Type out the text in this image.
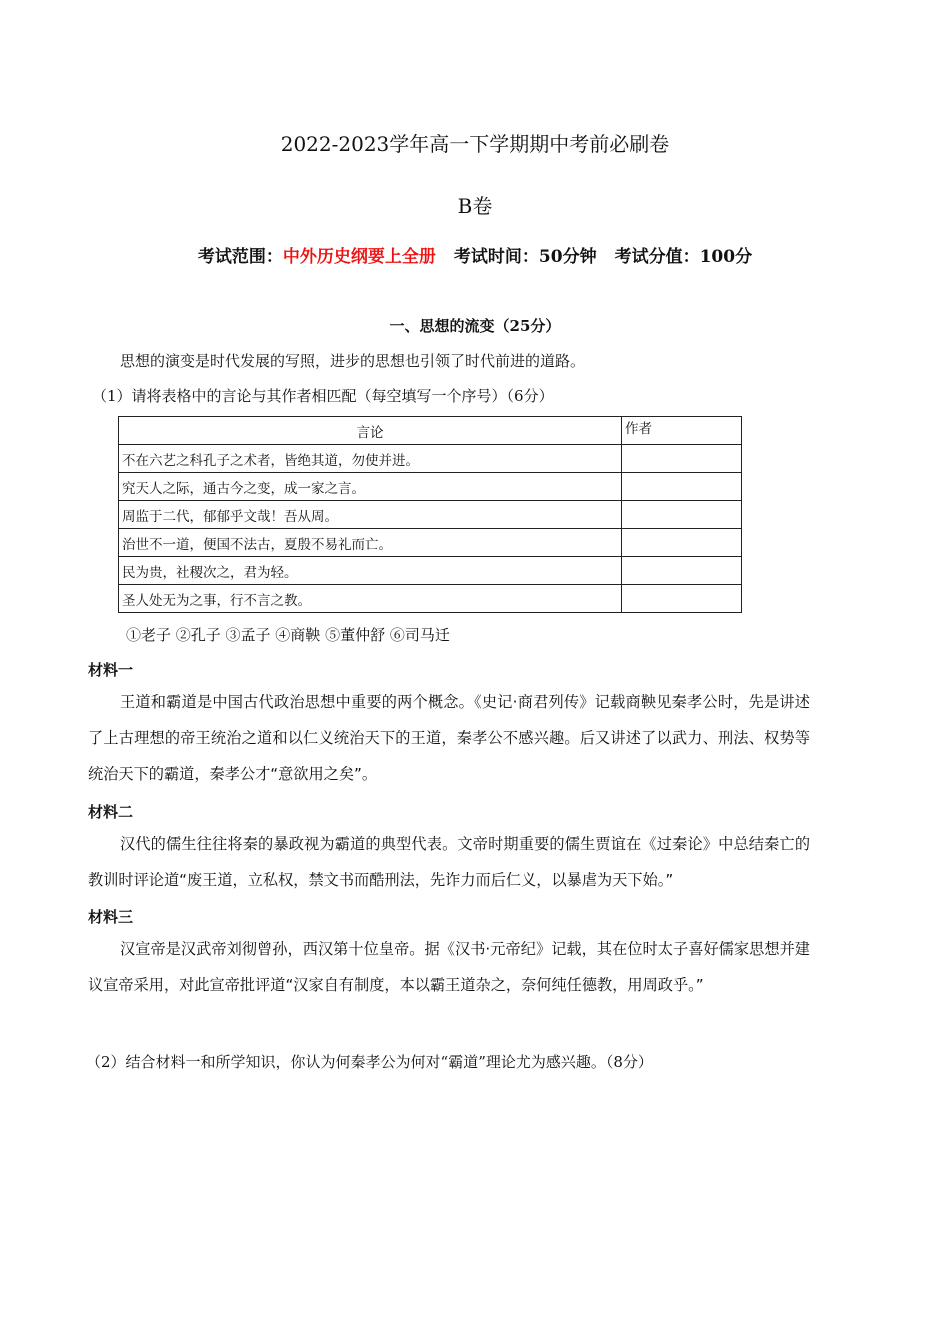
2022-2023学年高一下学期期中考前必刷卷
B卷
考试范围：中外历史纲要上全册 考试时间：50分钟 考试分值：100分
一、思想的流变（25分）
思想的演变是时代发展的写照，进步的思想也引领了时代前进的道路。
（1）请将表格中的言论与其作者相匹配（每空填写一个序号）（6分）
言论	作者
不在六艺之科孔子之术者，皆绝其道，勿使并进。	
究天人之际，通古今之变，成一家之言。	
周监于二代，郁郁乎文哉！吾从周。	
治世不一道，便国不法古，夏殷不易礼而亡。	
民为贵，社稷次之，君为轻。	
圣人处无为之事，行不言之教。	
①老子 ②孔子 ③孟子 ④商鞅 ⑤董仲舒 ⑥司马迁
材料一
王道和霸道是中国古代政治思想中重要的两个概念。《史记·商君列传》记载商鞅见秦孝公时，先是讲述了上古理想的帝王统治之道和以仁义统治天下的王道，秦孝公不感兴趣。后又讲述了以武力、刑法、权势等统治天下的霸道，秦孝公才“意欲用之矣”。
材料二
汉代的儒生往往将秦的暴政视为霸道的典型代表。文帝时期重要的儒生贾谊在《过秦论》中总结秦亡的教训时评论道“废王道，立私权，禁文书而酷刑法，先诈力而后仁义，以暴虐为天下始。”
材料三
汉宣帝是汉武帝刘彻曾孙，西汉第十位皇帝。据《汉书·元帝纪》记载，其在位时太子喜好儒家思想并建议宣帝采用，对此宣帝批评道“汉家自有制度，本以霸王道杂之，奈何纯任德教，用周政乎。”
（2）结合材料一和所学知识，你认为何秦孝公为何对“霸道”理论尤为感兴趣。（8分）
